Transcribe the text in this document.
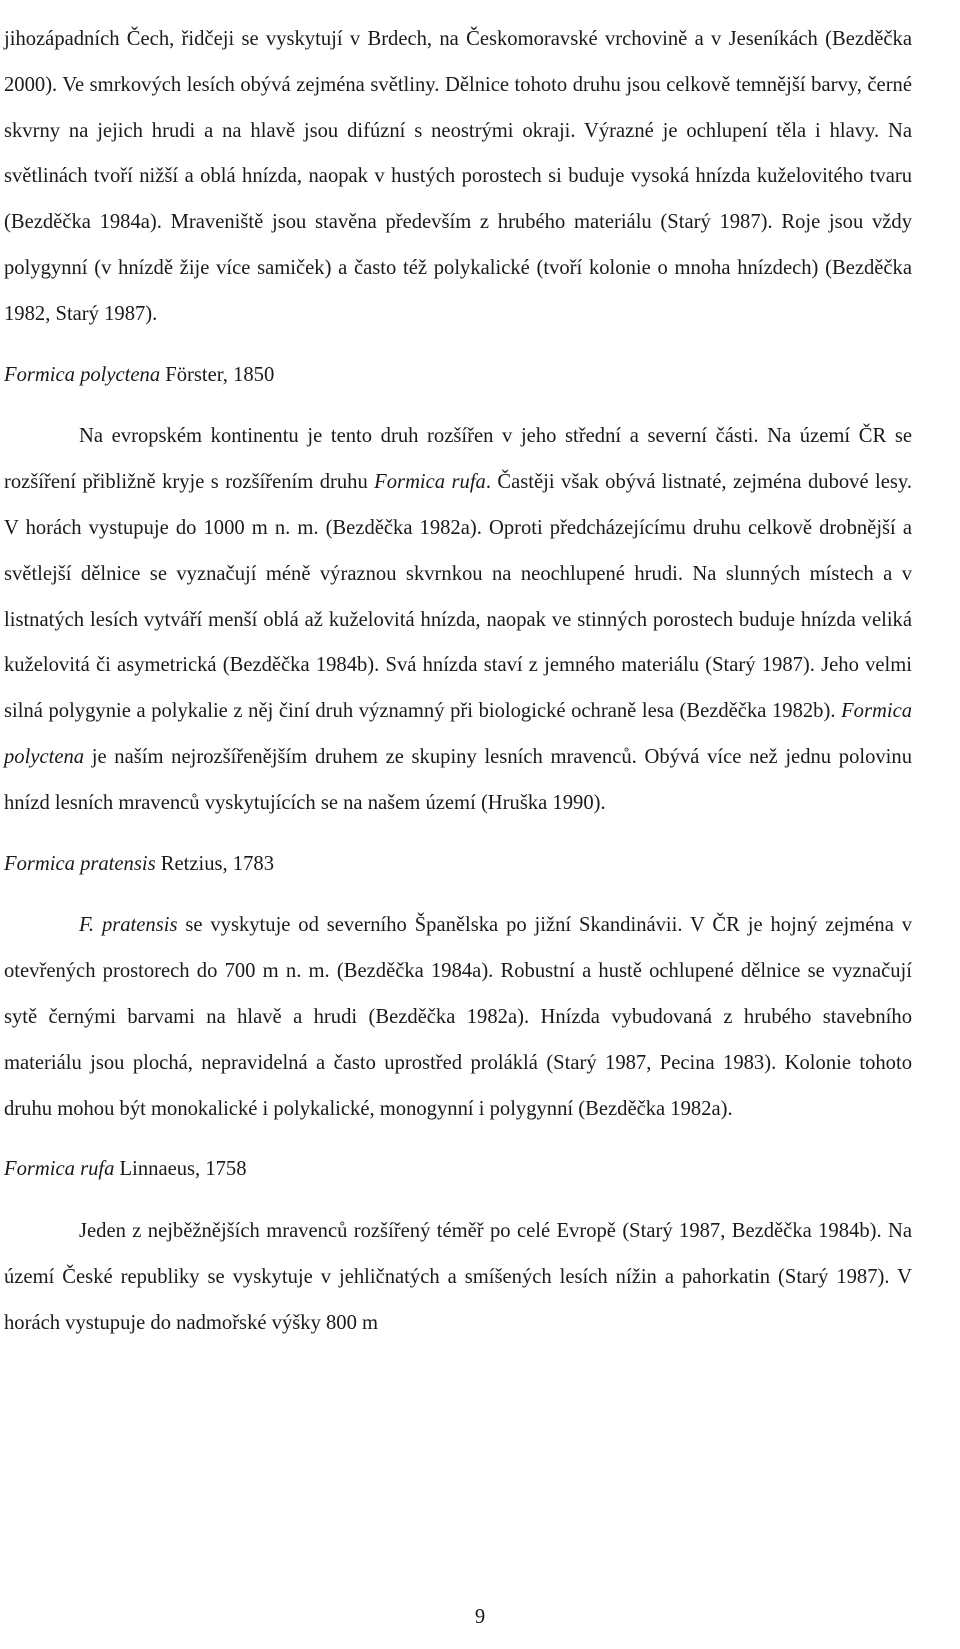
jihozápadních Čech, řidčeji se vyskytují v Brdech, na Českomoravské vrchovině a v Jeseníkách (Bezděčka 2000). Ve smrkových lesích obývá zejména světliny. Dělnice tohoto druhu jsou celkově temnější barvy, černé skvrny na jejich hrudi a na hlavě jsou difúzní s neostrými okraji. Výrazné je ochlupení těla i hlavy. Na světlinách tvoří nižší a oblá hnízda, naopak v hustých porostech si buduje vysoká hnízda kuželovitého tvaru (Bezděčka 1984a). Mraveniště jsou stavěna především z hrubého materiálu (Starý 1987). Roje jsou vždy polygynní (v hnízdě žije více samiček) a často též polykalické (tvoří kolonie o mnoha hnízdech) (Bezděčka 1982, Starý 1987).

Formica polyctena Förster, 1850

Na evropském kontinentu je tento druh rozšířen v jeho střední a severní části. Na území ČR se rozšíření přibližně kryje s rozšířením druhu Formica rufa. Častěji však obývá listnaté, zejména dubové lesy. V horách vystupuje do 1000 m n. m. (Bezděčka 1982a). Oproti předcházejícímu druhu celkově drobnější a světlejší dělnice se vyznačují méně výraznou skvrnkou na neochlupené hrudi. Na slunných místech a v listnatých lesích vytváří menší oblá až kuželovitá hnízda, naopak ve stinných porostech buduje hnízda veliká kuželovitá či asymetrická (Bezděčka 1984b). Svá hnízda staví z jemného materiálu (Starý 1987). Jeho velmi silná polygynie a polykalie z něj činí druh významný při biologické ochraně lesa (Bezděčka 1982b). Formica polyctena je naším nejrozšířenějším druhem ze skupiny lesních mravenců. Obývá více než jednu polovinu hnízd lesních mravenců vyskytujících se na našem území (Hruška 1990).

Formica pratensis Retzius, 1783

F. pratensis se vyskytuje od severního Španělska po jižní Skandinávii. V ČR je hojný zejména v otevřených prostorech do 700 m n. m. (Bezděčka 1984a). Robustní a hustě ochlupené dělnice se vyznačují sytě černými barvami na hlavě a hrudi (Bezděčka 1982a). Hnízda vybudovaná z hrubého stavebního materiálu jsou plochá, nepravidelná a často uprostřed proláklá (Starý 1987, Pecina 1983). Kolonie tohoto druhu mohou být monokalické i polykalické, monogynní i polygynní (Bezděčka 1982a).

Formica rufa Linnaeus, 1758

Jeden z nejběžnějších mravenců rozšířený téměř po celé Evropě (Starý 1987, Bezděčka 1984b). Na území České republiky se vyskytuje v jehličnatých a smíšených lesích nížin a pahorkatin (Starý 1987). V horách vystupuje do nadmořské výšky 800 m

9
